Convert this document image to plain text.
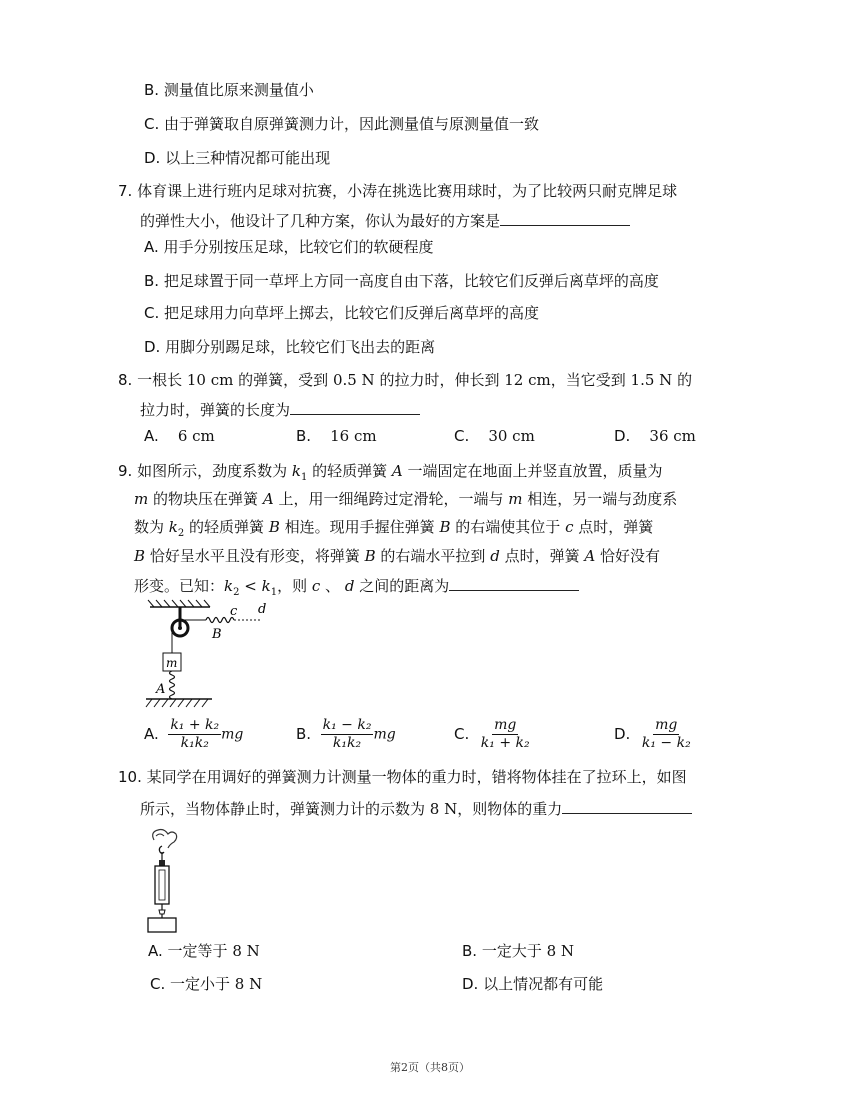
B. 测量值比原来测量值小
C. 由于弹簧取自原弹簧测力计，因此测量值与原测量值一致
D. 以上三种情况都可能出现
7. 体育课上进行班内足球对抗赛，小涛在挑选比赛用球时，为了比较两只耐克牌足球
的弹性大小，他设计了几种方案，你认为最好的方案是
A. 用手分别按压足球，比较它们的软硬程度
B. 把足球置于同一草坪上方同一高度自由下落，比较它们反弹后离草坪的高度
C. 把足球用力向草坪上掷去，比较它们反弹后离草坪的高度
D. 用脚分别踢足球，比较它们飞出去的距离
8. 一根长 10 cm 的弹簧，受到 0.5 N 的拉力时，伸长到 12 cm，当它受到 1.5 N 的
拉力时，弹簧的长度为
A. 6 cm	B. 16 cm	C. 30 cm	D. 36 cm
9. 如图所示，劲度系数为 $k_1$ 的轻质弹簧 A 一端固定在地面上并竖直放置，质量为
m 的物块压在弹簧 A 上，用一细绳跨过定滑轮，一端与 m 相连，另一端与劲度系
数为 $k_2$ 的轻质弹簧 B 相连。现用手握住弹簧 B 的右端使其位于 c 点时，弹簧
B 恰好呈水平且没有形变，将弹簧 B 的右端水平拉到 d 点时，弹簧 A 恰好没有
形变。已知：$k_2 < k_1$，则 c 、 d 之间的距离为
c d
B
m
A
A. $\frac{\text{k₁ + k₂}}{\text{k₁k₂}}$ mg	B. $\frac{\text{k₁ − k₂}}{\text{k₁k₂}}$ mg	C. $\frac{mg}{\text{k₁ + k₂}}$	D. $\frac{mg}{\text{k₁ − k₂}}$
10. 某同学在用调好的弹簧测力计测量一物体的重力时，错将物体挂在了拉环上，如图
所示，当物体静止时，弹簧测力计的示数为 8 N，则物体的重力
A. 一定等于 8 N	B. 一定大于 8 N
C. 一定小于 8 N	D. 以上情况都有可能
第2页（共8页）
